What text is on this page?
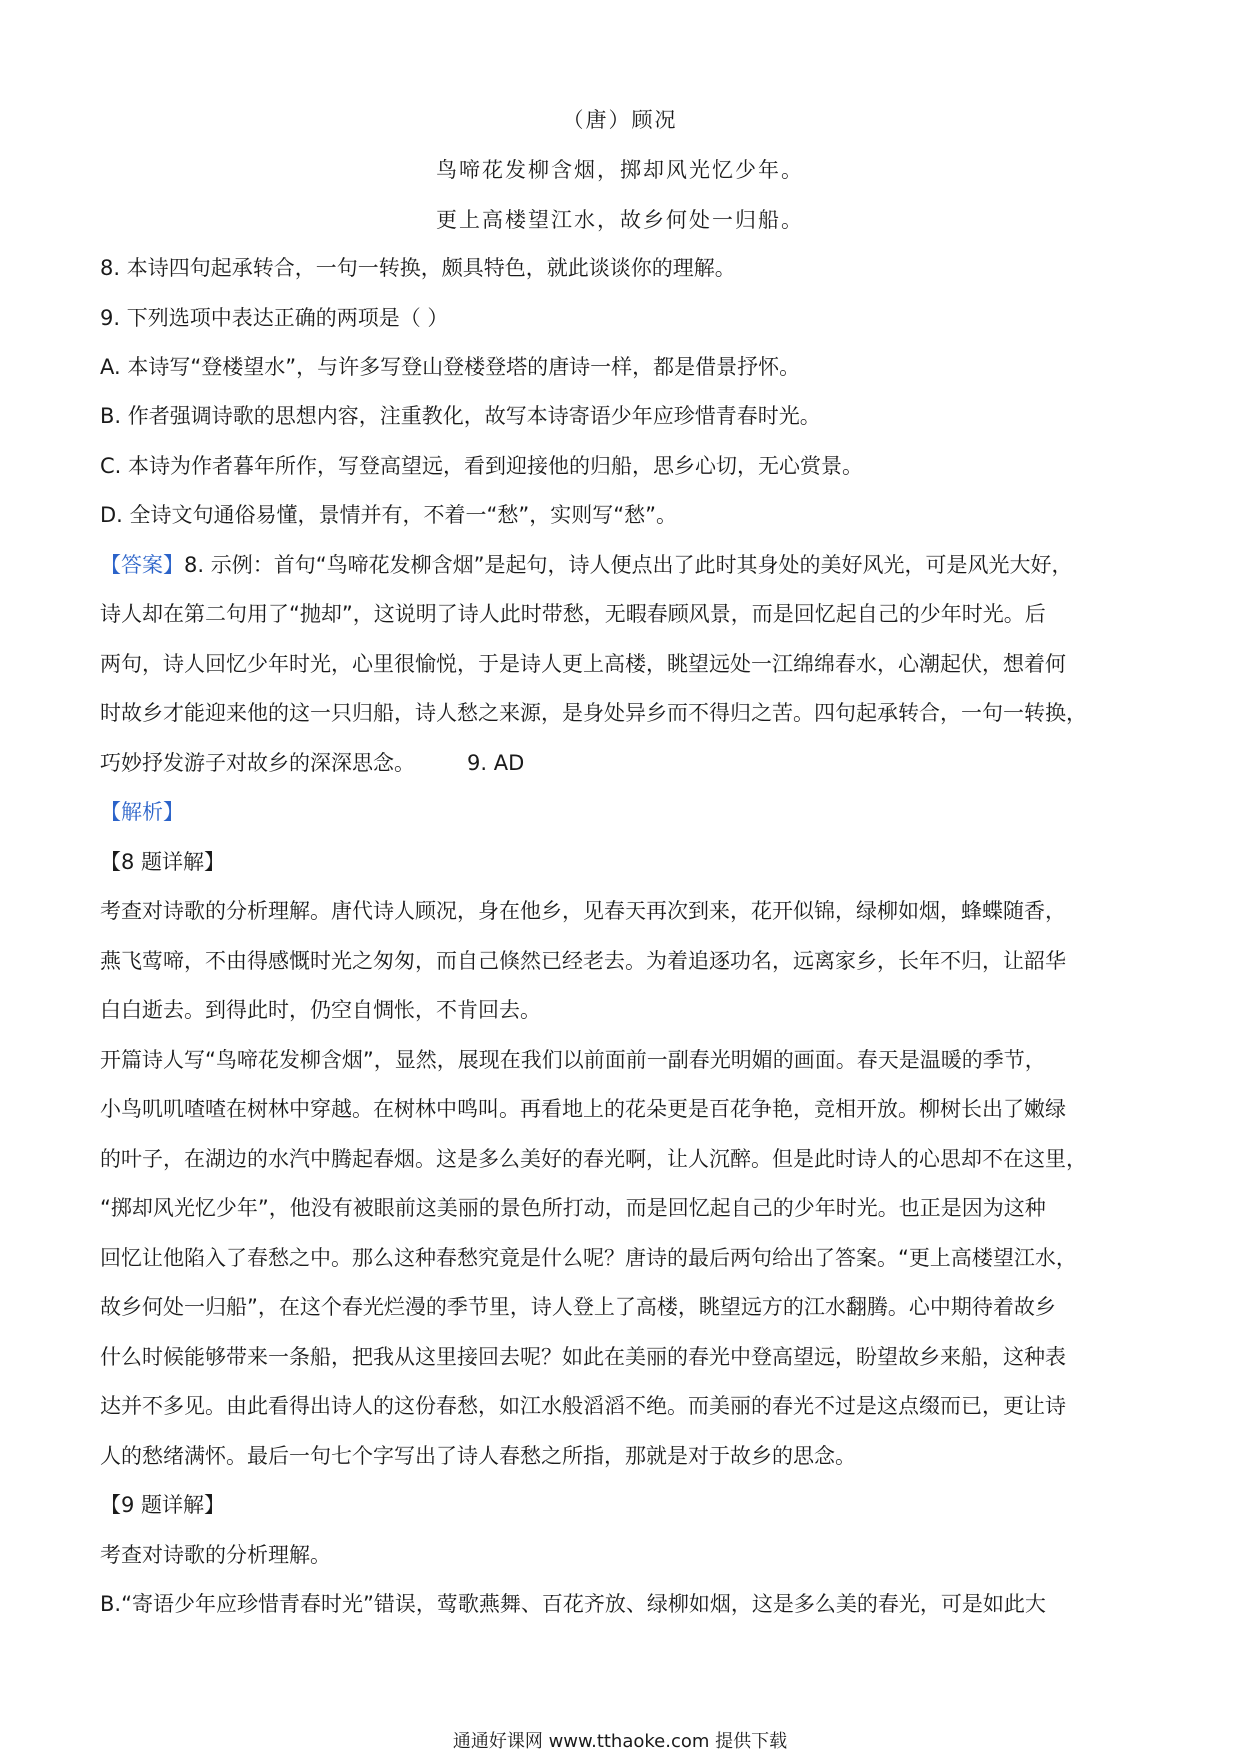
（唐）顾况
鸟啼花发柳含烟，掷却风光忆少年。
更上高楼望江水，故乡何处一归船。
8. 本诗四句起承转合，一句一转换，颇具特色，就此谈谈你的理解。
9. 下列选项中表达正确的两项是（ ）
A. 本诗写“登楼望水”，与许多写登山登楼登塔的唐诗一样，都是借景抒怀。
B. 作者强调诗歌的思想内容，注重教化，故写本诗寄语少年应珍惜青春时光。
C. 本诗为作者暮年所作，写登高望远，看到迎接他的归船，思乡心切，无心赏景。
D. 全诗文句通俗易懂，景情并有，不着一“愁”，实则写“愁”。
【答案】8. 示例：首句“鸟啼花发柳含烟”是起句，诗人便点出了此时其身处的美好风光，可是风光大好，
诗人却在第二句用了“抛却”，这说明了诗人此时带愁，无暇春顾风景，而是回忆起自己的少年时光。后
两句，诗人回忆少年时光，心里很愉悦，于是诗人更上高楼，眺望远处一江绵绵春水，心潮起伏，想着何
时故乡才能迎来他的这一只归船，诗人愁之来源，是身处异乡而不得归之苦。四句起承转合，一句一转换，
巧妙抒发游子对故乡的深深思念。 9. AD
【解析】
【8 题详解】
考查对诗歌的分析理解。唐代诗人顾况，身在他乡，见春天再次到来，花开似锦，绿柳如烟，蜂蝶随香，
燕飞莺啼，不由得感慨时光之匆匆，而自己倏然已经老去。为着追逐功名，远离家乡，长年不归，让韶华
白白逝去。到得此时，仍空自惆怅，不肯回去。
开篇诗人写“鸟啼花发柳含烟”，显然，展现在我们以前面前一副春光明媚的画面。春天是温暖的季节，
小鸟叽叽喳喳在树林中穿越。在树林中鸣叫。再看地上的花朵更是百花争艳，竞相开放。柳树长出了嫩绿
的叶子，在湖边的水汽中腾起春烟。这是多么美好的春光啊，让人沉醉。但是此时诗人的心思却不在这里，
“掷却风光忆少年”，他没有被眼前这美丽的景色所打动，而是回忆起自己的少年时光。也正是因为这种
回忆让他陷入了春愁之中。那么这种春愁究竟是什么呢？唐诗的最后两句给出了答案。“更上高楼望江水，
故乡何处一归船”，在这个春光烂漫的季节里，诗人登上了高楼，眺望远方的江水翻腾。心中期待着故乡
什么时候能够带来一条船，把我从这里接回去呢？如此在美丽的春光中登高望远，盼望故乡来船，这种表
达并不多见。由此看得出诗人的这份春愁，如江水般滔滔不绝。而美丽的春光不过是这点缀而已，更让诗
人的愁绪满怀。最后一句七个字写出了诗人春愁之所指，那就是对于故乡的思念。
【9 题详解】
考查对诗歌的分析理解。
B.“寄语少年应珍惜青春时光”错误，莺歌燕舞、百花齐放、绿柳如烟，这是多么美的春光，可是如此大
通通好课网 www.tthaoke.com 提供下载
